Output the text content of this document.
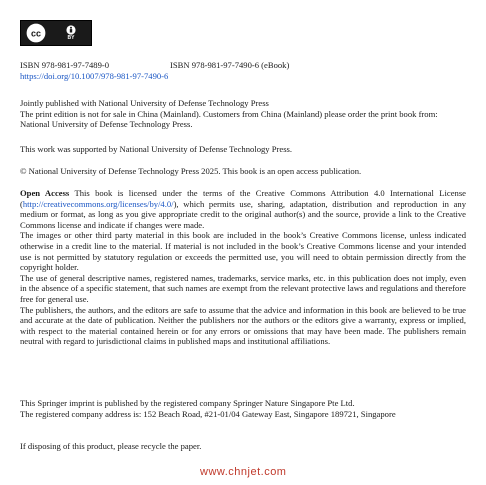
cc	BY
ISBN 978-981-97-7489-0	ISBN 978-981-97-7490-6 (eBook)
https://doi.org/10.1007/978-981-97-7490-6
Jointly published with National University of Defense Technology Press
The print edition is not for sale in China (Mainland). Customers from China (Mainland) please order the print book from: National University of Defense Technology Press.
This work was supported by National University of Defense Technology Press.
© National University of Defense Technology Press 2025. This book is an open access publication.
Open Access This book is licensed under the terms of the Creative Commons Attribution 4.0 International License (http://creativecommons.org/licenses/by/4.0/), which permits use, sharing, adaptation, distribution and reproduction in any medium or format, as long as you give appropriate credit to the original author(s) and the source, provide a link to the Creative Commons license and indicate if changes were made.
The images or other third party material in this book are included in the book’s Creative Commons license, unless indicated otherwise in a credit line to the material. If material is not included in the book’s Creative Commons license and your intended use is not permitted by statutory regulation or exceeds the permitted use, you will need to obtain permission directly from the copyright holder.
The use of general descriptive names, registered names, trademarks, service marks, etc. in this publication does not imply, even in the absence of a specific statement, that such names are exempt from the relevant protective laws and regulations and therefore free for general use.
The publishers, the authors, and the editors are safe to assume that the advice and information in this book are believed to be true and accurate at the date of publication. Neither the publishers nor the authors or the editors give a warranty, express or implied, with respect to the material contained herein or for any errors or omissions that may have been made. The publishers remain neutral with regard to jurisdictional claims in published maps and institutional affiliations.
This Springer imprint is published by the registered company Springer Nature Singapore Pte Ltd.
The registered company address is: 152 Beach Road, #21-01/04 Gateway East, Singapore 189721, Singapore
If disposing of this product, please recycle the paper.
www.chnjet.com
